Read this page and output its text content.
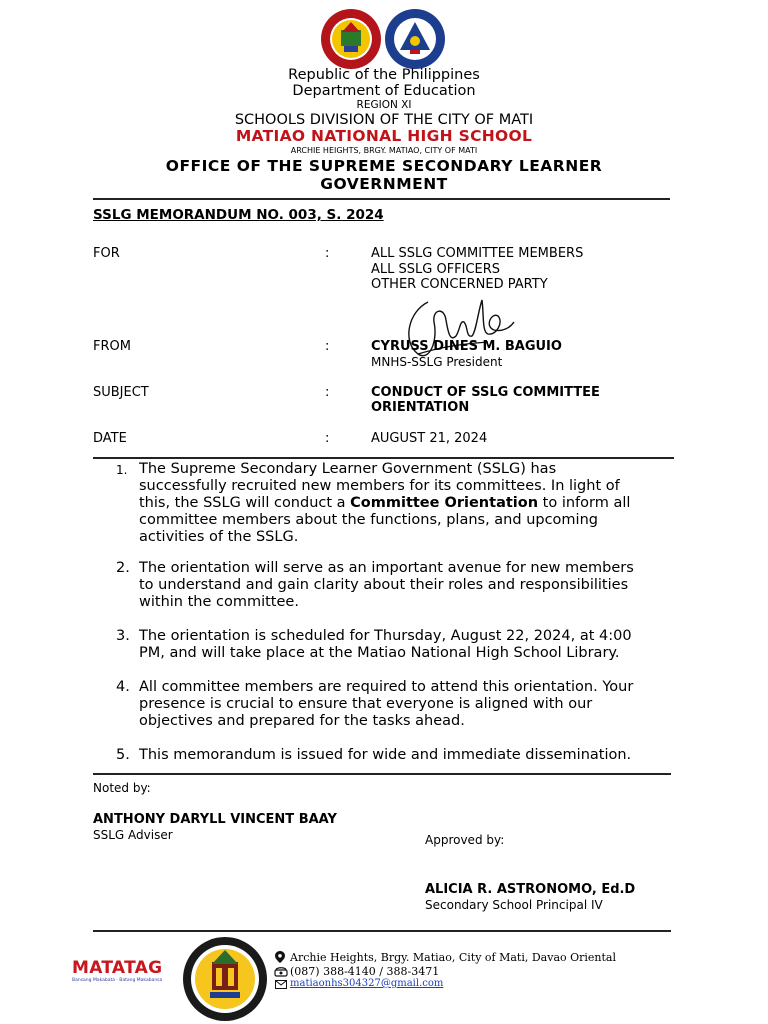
Republic of the Philippines
Department of Education
REGION XI
SCHOOLS DIVISION OF THE CITY OF MATI
MATIAO NATIONAL HIGH SCHOOL
ARCHIE HEIGHTS, BRGY. MATIAO, CITY OF MATI
OFFICE OF THE SUPREME SECONDARY LEARNER
GOVERNMENT
SSLG MEMORANDUM NO. 003, S. 2024
FOR	:	ALL SSLG COMMITTEE MEMBERS
ALL SSLG OFFICERS
OTHER CONCERNED PARTY
FROM	:	CYRUSS DINES M. BAGUIO
MNHS-SSLG President
SUBJECT	:	CONDUCT OF SSLG COMMITTEE
ORIENTATION
DATE	:	AUGUST 21, 2024
1. The Supreme Secondary Learner Government (SSLG) has
successfully recruited new members for its committees. In light of
this, the SSLG will conduct a Committee Orientation to inform all
committee members about the functions, plans, and upcoming
activities of the SSLG.
2. The orientation will serve as an important avenue for new members
to understand and gain clarity about their roles and responsibilities
within the committee.
3. The orientation is scheduled for Thursday, August 22, 2024, at 4:00
PM, and will take place at the Matiao National High School Library.
4. All committee members are required to attend this orientation. Your
presence is crucial to ensure that everyone is aligned with our
objectives and prepared for the tasks ahead.
5. This memorandum is issued for wide and immediate dissemination.
Noted by:
ANTHONY DARYLL VINCENT BAAY
SSLG Adviser	Approved by:
ALICIA R. ASTRONOMO, Ed.D
Secondary School Principal IV
MATATAG
Bansang Makabata · Batang Makabansa
Archie Heights, Brgy. Matiao, City of Mati, Davao Oriental
(087) 388-4140 / 388-3471
matiaonhs304327@gmail.com
